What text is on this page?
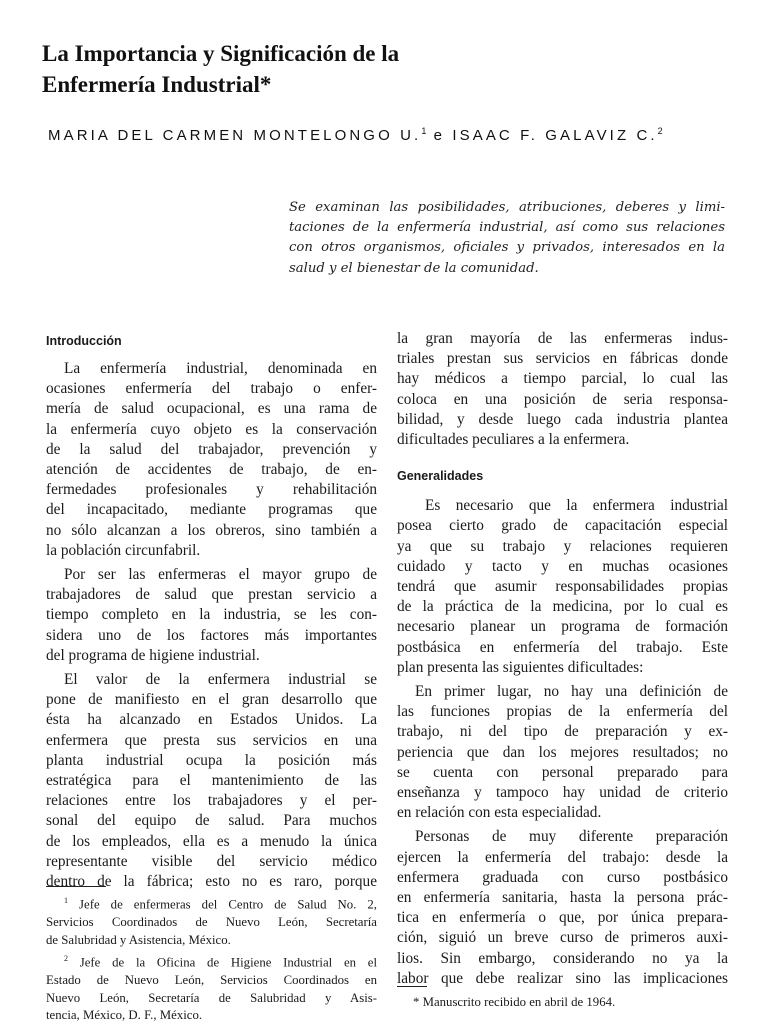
La Importancia y Significación de la
Enfermería Industrial*
MARIA DEL CARMEN MONTELONGO U.$^1$ e ISAAC F. GALAVIZ C.$^2$
Se examinan las posibilidades, atribuciones, deberes y limi-
taciones de la enfermería industrial, así como sus relaciones
con otros organismos, oficiales y privados, interesados en la
salud y el bienestar de la comunidad.
Introducción
La enfermería industrial, denominada en
ocasiones enfermería del trabajo o enfer-
mería de salud ocupacional, es una rama de
la enfermería cuyo objeto es la conservación
de la salud del trabajador, prevención y
atención de accidentes de trabajo, de en-
fermedades profesionales y rehabilitación
del incapacitado, mediante programas que
no sólo alcanzan a los obreros, sino también a
la población circunfabril.
Por ser las enfermeras el mayor grupo de
trabajadores de salud que prestan servicio a
tiempo completo en la industria, se les con-
sidera uno de los factores más importantes
del programa de higiene industrial.
El valor de la enfermera industrial se
pone de manifiesto en el gran desarrollo que
ésta ha alcanzado en Estados Unidos. La
enfermera que presta sus servicios en una
planta industrial ocupa la posición más
estratégica para el mantenimiento de las
relaciones entre los trabajadores y el per-
sonal del equipo de salud. Para muchos
de los empleados, ella es a menudo la única
representante visible del servicio médico
dentro de la fábrica; esto no es raro, porque
$^1$ Jefe de enfermeras del Centro de Salud No. 2,
Servicios Coordinados de Nuevo León, Secretaría
de Salubridad y Asistencia, México.
$^2$ Jefe de la Oficina de Higiene Industrial en el
Estado de Nuevo León, Servicios Coordinados en
Nuevo León, Secretaría de Salubridad y Asis-
tencia, México, D. F., México.
la gran mayoría de las enfermeras indus-
triales prestan sus servicios en fábricas donde
hay médicos a tiempo parcial, lo cual las
coloca en una posición de seria responsa-
bilidad, y desde luego cada industria plantea
dificultades peculiares a la enfermera.
Generalidades
Es necesario que la enfermera industrial
posea cierto grado de capacitación especial
ya que su trabajo y relaciones requieren
cuidado y tacto y en muchas ocasiones
tendrá que asumir responsabilidades propias
de la práctica de la medicina, por lo cual es
necesario planear un programa de formación
postbásica en enfermería del trabajo. Este
plan presenta las siguientes dificultades:
En primer lugar, no hay una definición de
las funciones propias de la enfermería del
trabajo, ni del tipo de preparación y ex-
periencia que dan los mejores resultados; no
se cuenta con personal preparado para
enseñanza y tampoco hay unidad de criterio
en relación con esta especialidad.
Personas de muy diferente preparación
ejercen la enfermería del trabajo: desde la
enfermera graduada con curso postbásico
en enfermería sanitaria, hasta la persona prác-
tica en enfermería o que, por única prepara-
ción, siguió un breve curso de primeros auxi-
lios. Sin embargo, considerando no ya la
labor que debe realizar sino las implicaciones
* Manuscrito recibido en abril de 1964.
